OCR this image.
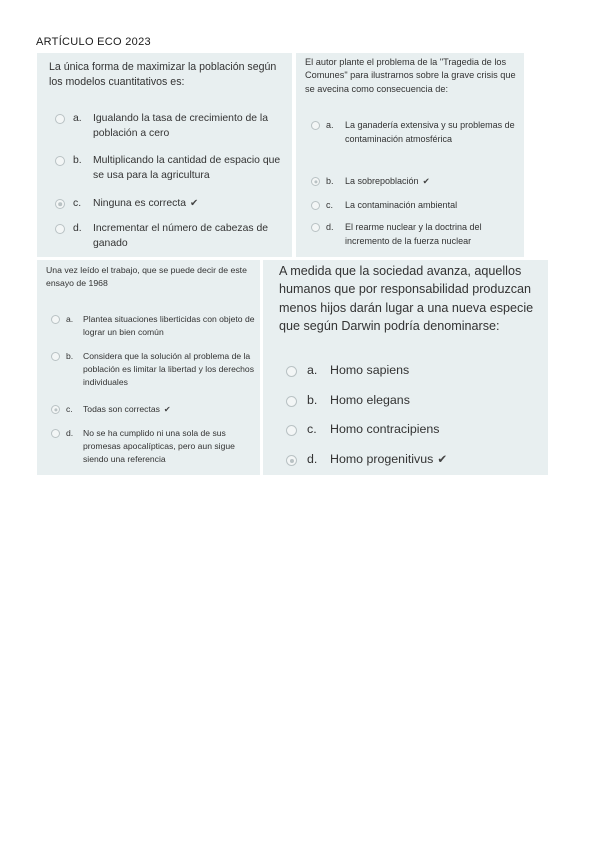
ARTÍCULO ECO 2023
La única forma de maximizar la población según los modelos cuantitativos es:
a.	Igualando la tasa de crecimiento de la población a cero
b.	Multiplicando la cantidad de espacio que se usa para la agricultura
c.	Ninguna es correcta ✔
d.	Incrementar el número de cabezas de ganado
El autor plante el problema de la "Tragedia de los Comunes" para ilustrarnos sobre la grave crisis que se avecina como consecuencia de:
a.	La ganadería extensiva y su problemas de contaminación atmosférica
b.	La sobrepoblación ✔
c.	La contaminación ambiental
d.	El rearme nuclear y la doctrina del incremento de la fuerza nuclear
Una vez leído el trabajo, que se puede decir de este ensayo de 1968
a.	Plantea situaciones liberticidas con objeto de lograr un bien común
b.	Considera que la solución al problema de la población es limitar la libertad y los derechos individuales
c.	Todas son correctas ✔
d.	No se ha cumplido ni una sola de sus promesas apocalípticas, pero aun sigue siendo una referencia
A medida que la sociedad avanza, aquellos humanos que por responsabilidad produzcan menos hijos darán lugar a una nueva especie que según Darwin podría denominarse:
a.	Homo sapiens
b.	Homo elegans
c.	Homo contracipiens
d.	Homo progenitivus ✔
